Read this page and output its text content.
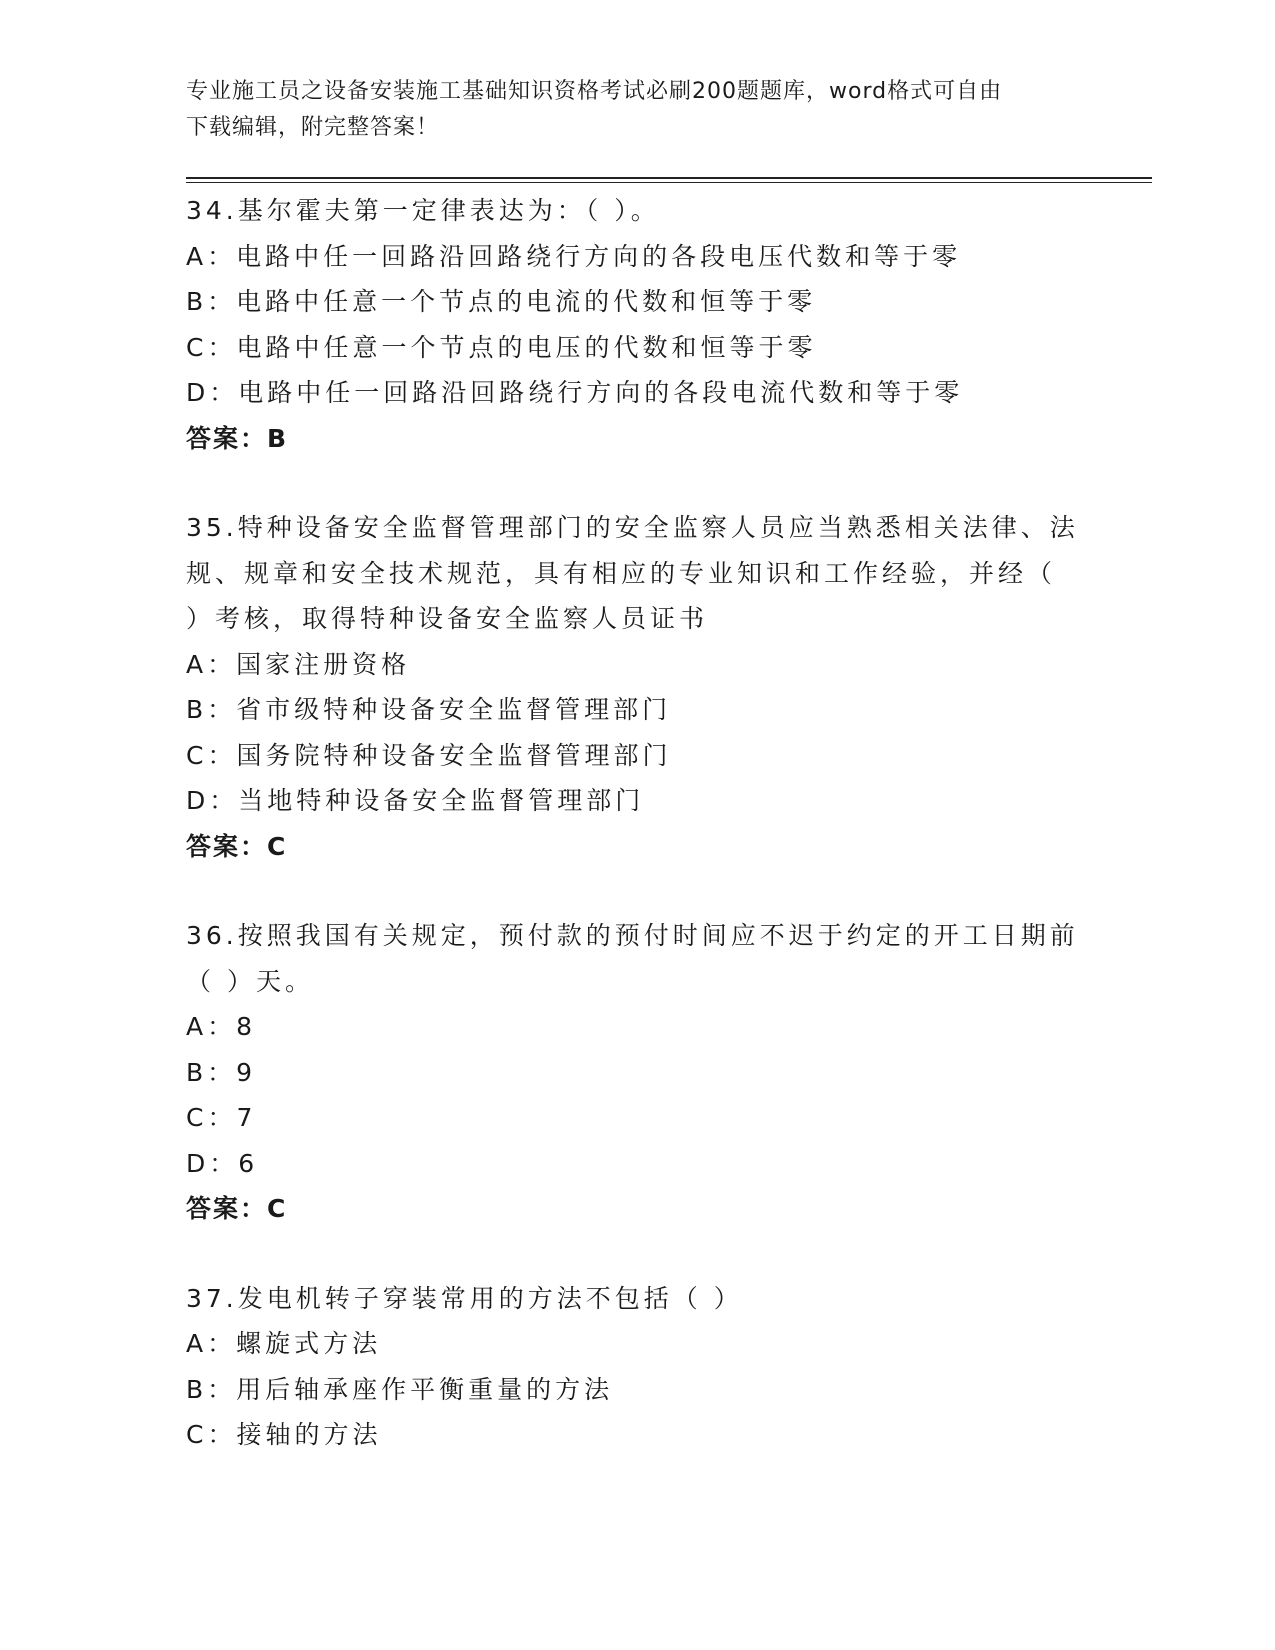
专业施工员之设备安装施工基础知识资格考试必刷200题题库，word格式可自由
下载编辑，附完整答案！

34.基尔霍夫第一定律表达为：（ ）。

A：电路中任一回路沿回路绕行方向的各段电压代数和等于零

B：电路中任意一个节点的电流的代数和恒等于零

C：电路中任意一个节点的电压的代数和恒等于零

D：电路中任一回路沿回路绕行方向的各段电流代数和等于零

答案：B

35.特种设备安全监督管理部门的安全监察人员应当熟悉相关法律、法

规、规章和安全技术规范，具有相应的专业知识和工作经验，并经（

）考核，取得特种设备安全监察人员证书

A：国家注册资格

B：省市级特种设备安全监督管理部门

C：国务院特种设备安全监督管理部门

D：当地特种设备安全监督管理部门

答案：C

36.按照我国有关规定，预付款的预付时间应不迟于约定的开工日期前

（ ）天。

A：8

B：9

C：7

D：6

答案：C

37.发电机转子穿装常用的方法不包括（ ）

A：螺旋式方法

B：用后轴承座作平衡重量的方法

C：接轴的方法
